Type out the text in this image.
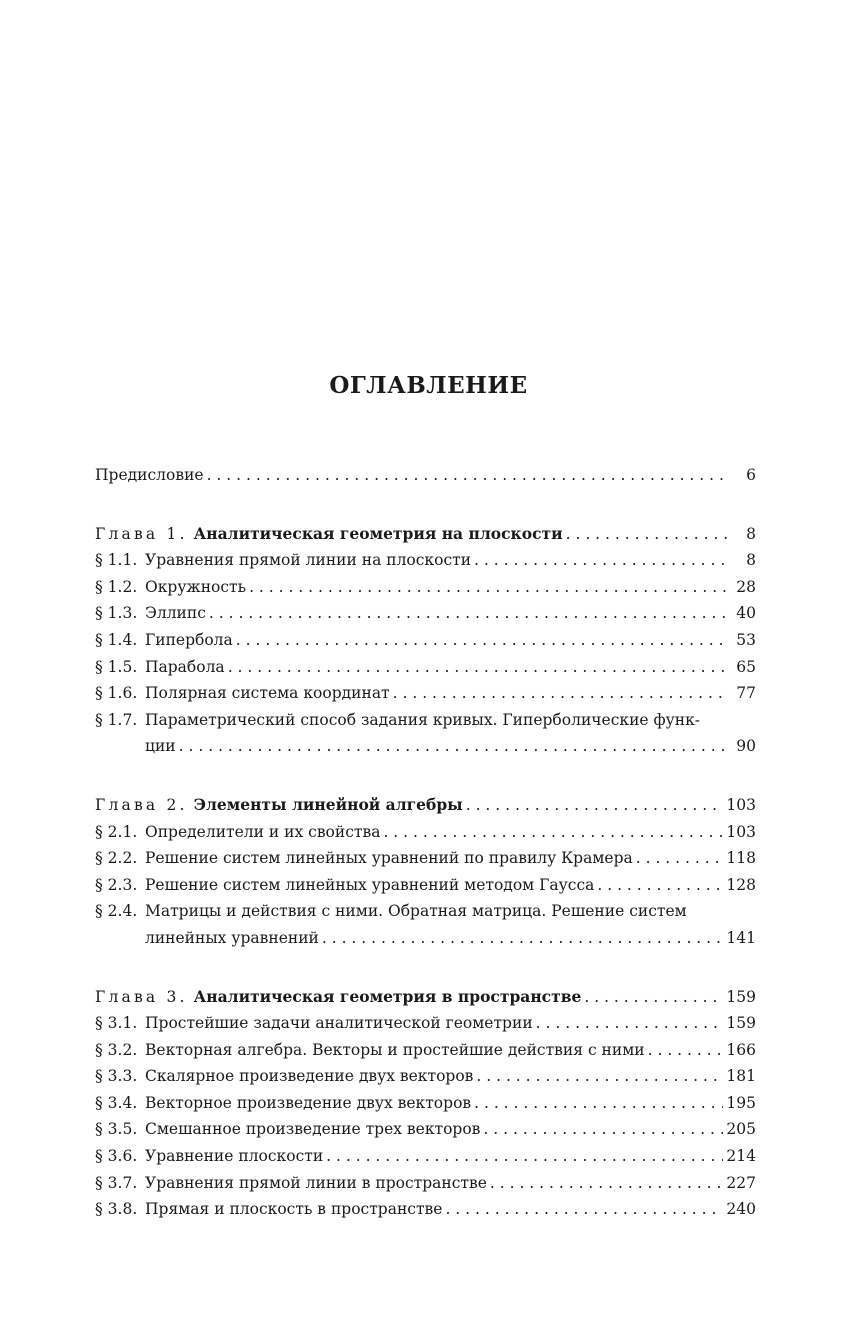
ОГЛАВЛЕНИЕ
Предисловие . . .	6
Глава 1. Аналитическая геометрия на плоскости . . .	8
§ 1.1. Уравнения прямой линии на плоскости . . .	8
§ 1.2. Окружность . . .	28
§ 1.3. Эллипс . . .	40
§ 1.4. Гипербола . . .	53
§ 1.5. Парабола . . .	65
§ 1.6. Полярная система координат . . .	77
§ 1.7. Параметрический способ задания кривых. Гиперболические функ-
ции . . .	90
Глава 2. Элементы линейной алгебры . . .	103
§ 2.1. Определители и их свойства . . .	103
§ 2.2. Решение систем линейных уравнений по правилу Крамера . . .	118
§ 2.3. Решение систем линейных уравнений методом Гаусса . . .	128
§ 2.4. Матрицы и действия с ними. Обратная матрица. Решение систем
линейных уравнений . . .	141
Глава 3. Аналитическая геометрия в пространстве . . .	159
§ 3.1. Простейшие задачи аналитической геометрии . . .	159
§ 3.2. Векторная алгебра. Векторы и простейшие действия с ними . . .	166
§ 3.3. Скалярное произведение двух векторов . . .	181
§ 3.4. Векторное произведение двух векторов . . .	195
§ 3.5. Смешанное произведение трех векторов . . .	205
§ 3.6. Уравнение плоскости . . .	214
§ 3.7. Уравнения прямой линии в пространстве . . .	227
§ 3.8. Прямая и плоскость в пространстве . . .	240
